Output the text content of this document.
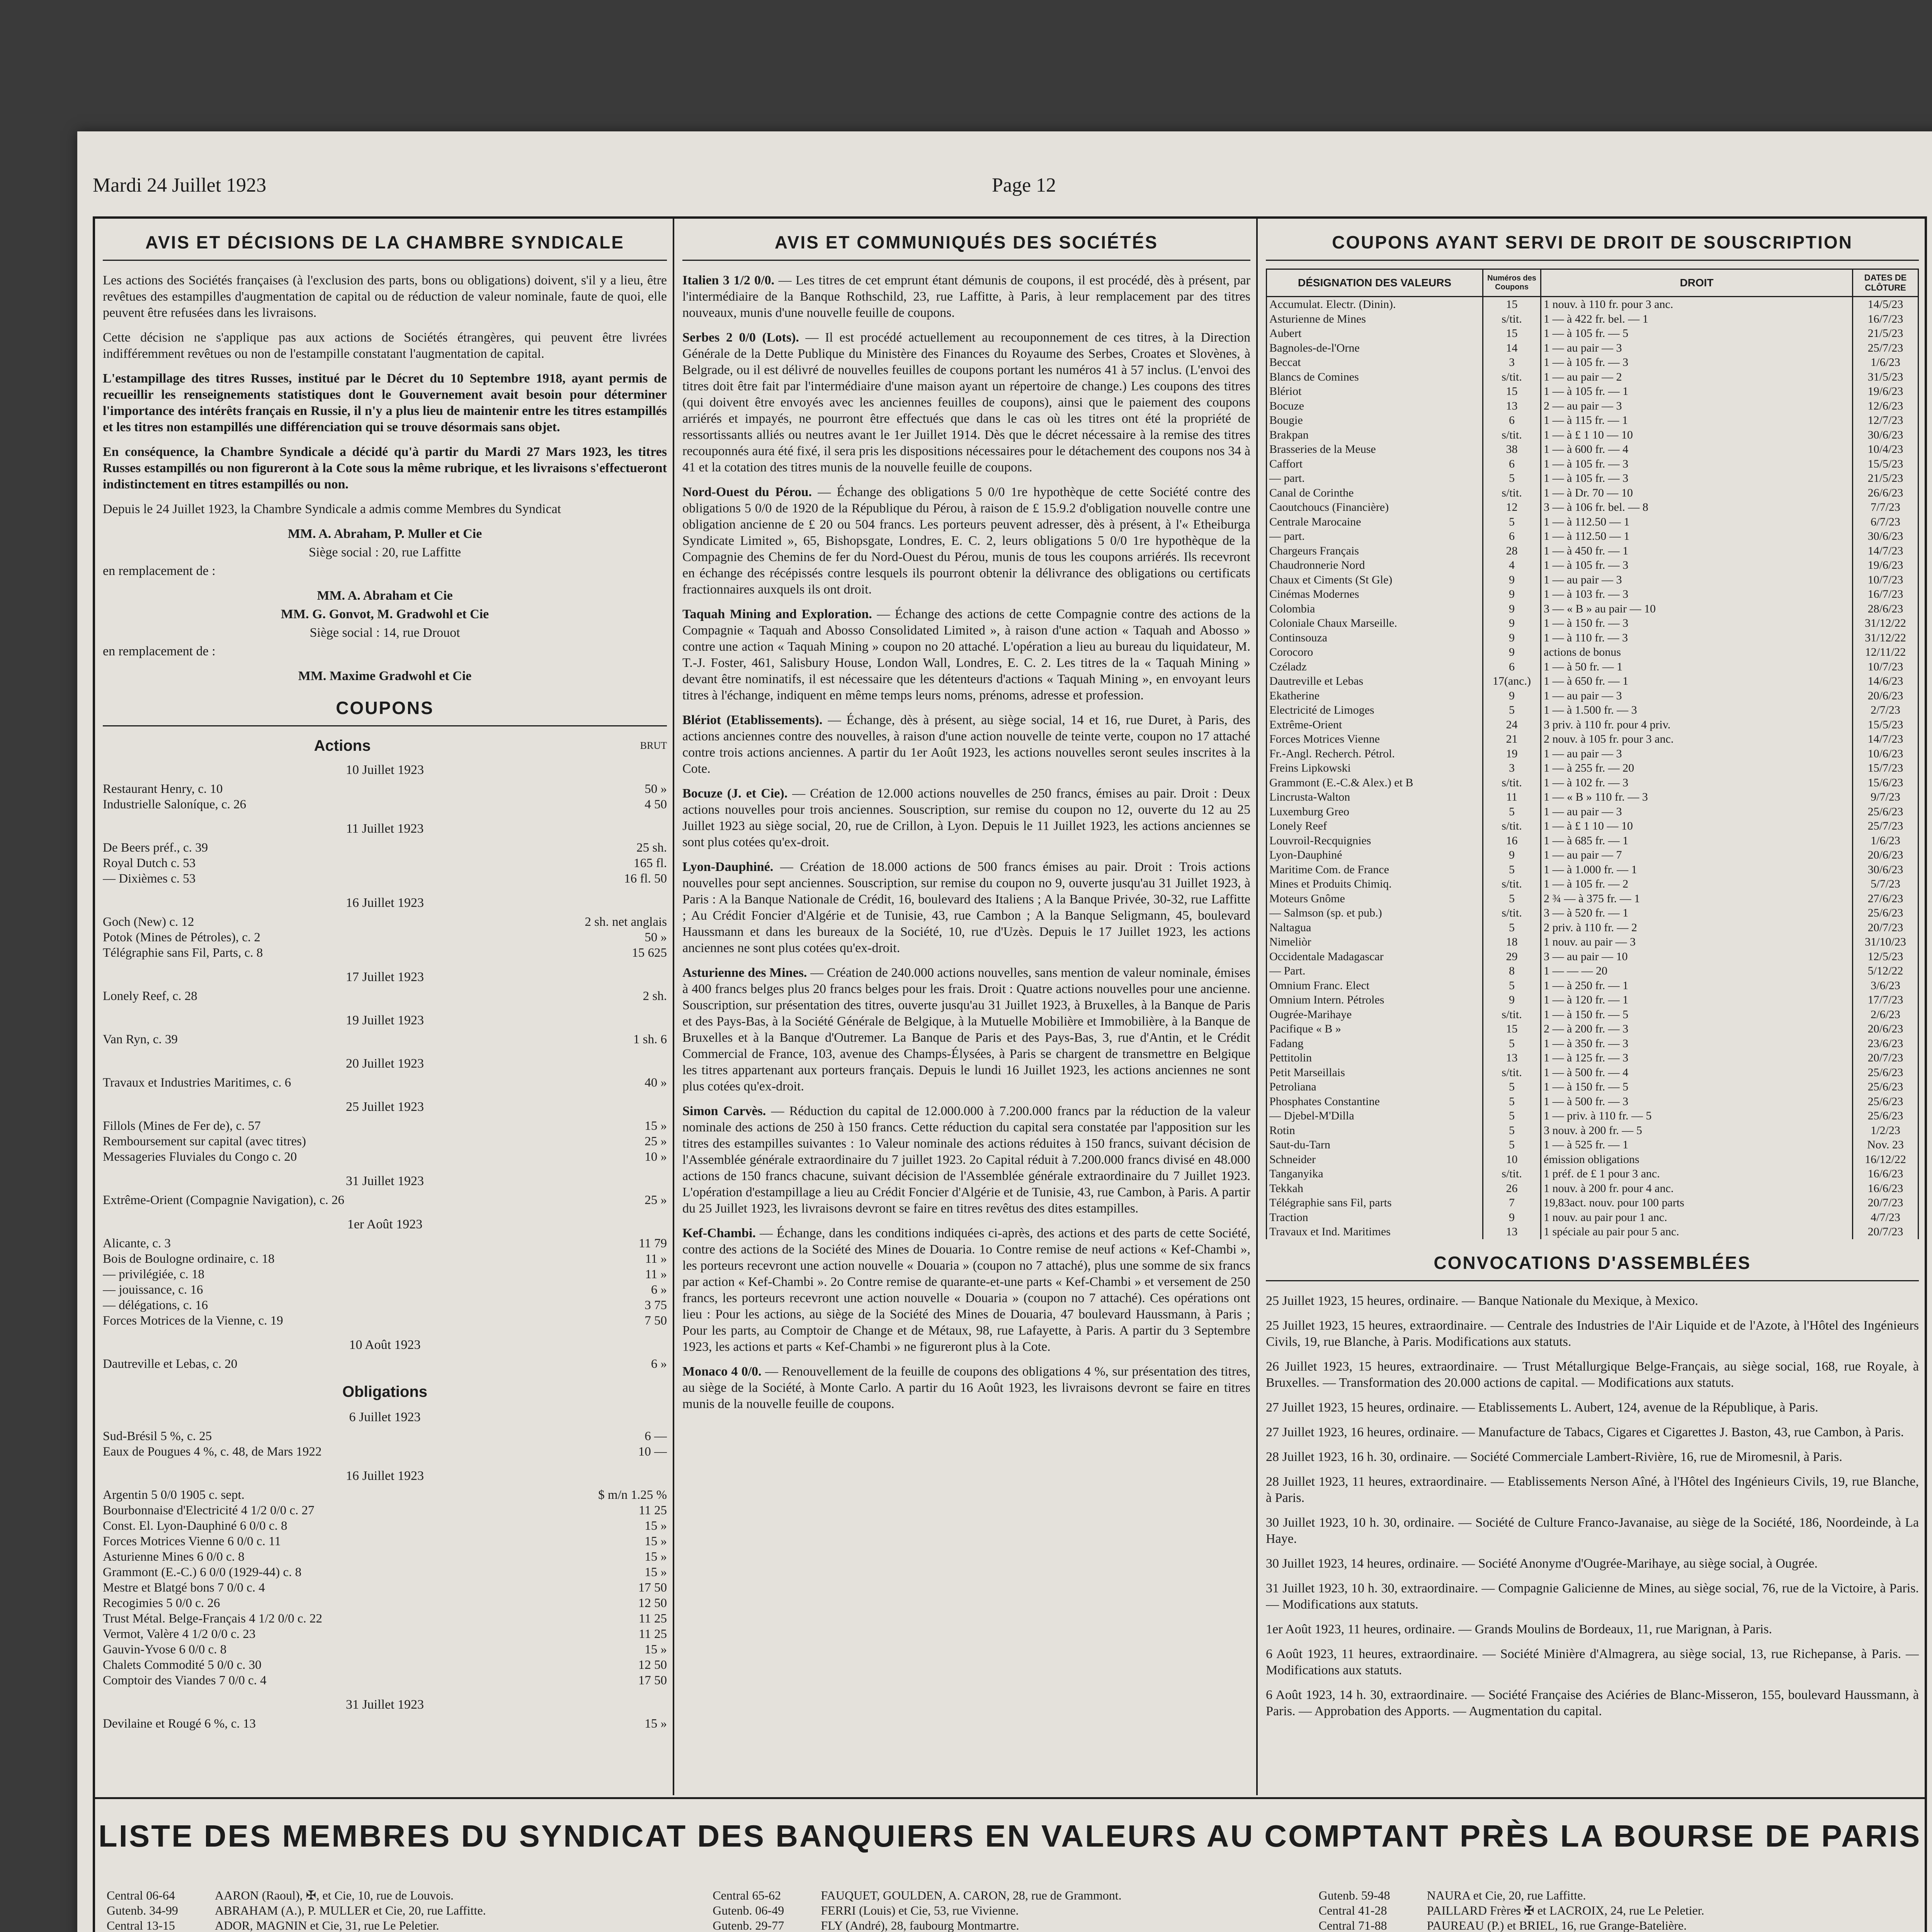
Mardi 24 Juillet 1923	Page 12
AVIS ET DÉCISIONS DE LA CHAMBRE SYNDICALE

Les actions des Sociétés françaises (à l'exclusion des parts, bons ou obligations) doivent, s'il y a lieu, être revêtues des estampilles d'augmentation de capital ou de réduction de valeur nominale, faute de quoi, elle peuvent être refusées dans les livraisons.

Cette décision ne s'applique pas aux actions de Sociétés étrangères, qui peuvent être livrées indifféremment revêtues ou non de l'estampille constatant l'augmentation de capital.

L'estampillage des titres Russes, institué par le Décret du 10 Septembre 1918, ayant permis de recueillir les renseignements statistiques dont le Gouvernement avait besoin pour déterminer l'importance des intérêts français en Russie, il n'y a plus lieu de maintenir entre les titres estampillés et les titres non estampillés une différenciation qui se trouve désormais sans objet.

En conséquence, la Chambre Syndicale a décidé qu'à partir du Mardi 27 Mars 1923, les titres Russes estampillés ou non figureront à la Cote sous la même rubrique, et les livraisons s'effectueront indistinctement en titres estampillés ou non.

Depuis le 24 Juillet 1923, la Chambre Syndicale a admis comme Membres du Syndicat

MM. A. Abraham, P. Muller et Cie
Siège social : 20, rue Laffitte
en remplacement de :
MM. A. Abraham et Cie
MM. G. Gonvot, M. Gradwohl et Cie
Siège social : 14, rue Drouot
en remplacement de :
MM. Maxime Gradwohl et Cie
COUPONS
Actions	BRUT
10 Juillet 1923
Restaurant Henry, c. 10	50 »
Industrielle Saloníque, c. 26	4 50
11 Juillet 1923
De Beers préf., c. 39	25 sh.
Royal Dutch c. 53	165 fl.
— Dixièmes c. 53	16 fl. 50
16 Juillet 1923
Goch (New) c. 12	2 sh. net anglais
Potok (Mines de Pétroles), c. 2	50 »
Télégraphie sans Fil, Parts, c. 8	15 625
17 Juillet 1923
Lonely Reef, c. 28	2 sh.
19 Juillet 1923
Van Ryn, c. 39	1 sh. 6
20 Juillet 1923
Travaux et Industries Maritimes, c. 6	40 »
25 Juillet 1923
Fillols (Mines de Fer de), c. 57	15 »
Remboursement sur capital (avec titres)	25 »
Messageries Fluviales du Congo c. 20	10 »
31 Juillet 1923
Extrême-Orient (Compagnie Navigation), c. 26	25 »
1er Août 1923
Alicante, c. 3	11 79
Bois de Boulogne ordinaire, c. 18	11 »
— privilégiée, c. 18	11 »
— jouissance, c. 16	6 »
— délégations, c. 16	3 75
Forces Motrices de la Vienne, c. 19	7 50
10 Août 1923
Dautreville et Lebas, c. 20	6 »
Obligations
6 Juillet 1923
Sud-Brésil 5 %, c. 25	6 —
Eaux de Pougues 4 %, c. 48, de Mars 1922	10 —
16 Juillet 1923
Argentin 5 0/0 1905 c. sept.	$ m/n 1.25 %
Bourbonnaise d'Electricité 4 1/2 0/0 c. 27	11 25
Const. El. Lyon-Dauphiné 6 0/0 c. 8	15 »
Forces Motrices Vienne 6 0/0 c. 11	15 »
Asturienne Mines 6 0/0 c. 8	15 »
Grammont (E.-C.) 6 0/0 (1929-44) c. 8	15 »
Mestre et Blatgé bons 7 0/0 c. 4	17 50
Recogimies 5 0/0 c. 26	12 50
Trust Métal. Belge-Français 4 1/2 0/0 c. 22	11 25
Vermot, Valère 4 1/2 0/0 c. 23	11 25
Gauvin-Yvose 6 0/0 c. 8	15 »
Chalets Commodité 5 0/0 c. 30	12 50
Comptoir des Viandes 7 0/0 c. 4	17 50
31 Juillet 1923
Devilaine et Rougé 6 %, c. 13	15 »
AVIS ET COMMUNIQUÉS DES SOCIÉTÉS

Italien 3 1/2 0/0. — Les titres de cet emprunt étant démunis de coupons, il est procédé, dès à présent, par l'intermédiaire de la Banque Rothschild, 23, rue Laffitte, à Paris, à leur remplacement par des titres nouveaux, munis d'une nouvelle feuille de coupons.

Serbes 2 0/0 (Lots). — Il est procédé actuellement au recouponnement de ces titres, à la Direction Générale de la Dette Publique du Ministère des Finances du Royaume des Serbes, Croates et Slovènes, à Belgrade, ou il est délivré de nouvelles feuilles de coupons portant les numéros 41 à 57 inclus. (L'envoi des titres doit être fait par l'intermédiaire d'une maison ayant un répertoire de change.) Les coupons des titres (qui doivent être envoyés avec les anciennes feuilles de coupons), ainsi que le paiement des coupons arriérés et impayés, ne pourront être effectués que dans le cas où les titres ont été la propriété de ressortissants alliés ou neutres avant le 1er Juillet 1914. Dès que le décret nécessaire à la remise des titres recouponnés aura été fixé, il sera pris les dispositions nécessaires pour le détachement des coupons nos 34 à 41 et la cotation des titres munis de la nouvelle feuille de coupons.

Nord-Ouest du Pérou. — Échange des obligations 5 0/0 1re hypothèque de cette Société contre des obligations 5 0/0 de 1920 de la République du Pérou, à raison de £ 15.9.2 d'obligation nouvelle contre une obligation ancienne de £ 20 ou 504 francs. Les porteurs peuvent adresser, dès à présent, à l'« Etheiburga Syndicate Limited », 65, Bishopsgate, Londres, E. C. 2, leurs obligations 5 0/0 1re hypothèque de la Compagnie des Chemins de fer du Nord-Ouest du Pérou, munis de tous les coupons arriérés. Ils recevront en échange des récépissés contre lesquels ils pourront obtenir la délivrance des obligations ou certificats fractionnaires auxquels ils ont droit.

Taquah Mining and Exploration. — Échange des actions de cette Compagnie contre des actions de la Compagnie « Taquah and Abosso Consolidated Limited », à raison d'une action « Taquah and Abosso » contre une action « Taquah Mining » coupon no 20 attaché. L'opération a lieu au bureau du liquidateur, M. T.-J. Foster, 461, Salisbury House, London Wall, Londres, E. C. 2. Les titres de la « Taquah Mining » devant être nominatifs, il est nécessaire que les détenteurs d'actions « Taquah Mining », en envoyant leurs titres à l'échange, indiquent en même temps leurs noms, prénoms, adresse et profession.

Blériot (Etablissements). — Échange, dès à présent, au siège social, 14 et 16, rue Duret, à Paris, des actions anciennes contre des nouvelles, à raison d'une action nouvelle de teinte verte, coupon no 17 attaché contre trois actions anciennes. A partir du 1er Août 1923, les actions nouvelles seront seules inscrites à la Cote.

Bocuze (J. et Cie). — Création de 12.000 actions nouvelles de 250 francs, émises au pair. Droit : Deux actions nouvelles pour trois anciennes. Souscription, sur remise du coupon no 12, ouverte du 12 au 25 Juillet 1923 au siège social, 20, rue de Crillon, à Lyon. Depuis le 11 Juillet 1923, les actions anciennes se sont plus cotées qu'ex-droit.

Lyon-Dauphiné. — Création de 18.000 actions de 500 francs émises au pair. Droit : Trois actions nouvelles pour sept anciennes. Souscription, sur remise du coupon no 9, ouverte jusqu'au 31 Juillet 1923, à Paris : A la Banque Nationale de Crédit, 16, boulevard des Italiens ; A la Banque Privée, 30-32, rue Laffitte ; Au Crédit Foncier d'Algérie et de Tunisie, 43, rue Cambon ; A la Banque Seligmann, 45, boulevard Haussmann et dans les bureaux de la Société, 10, rue d'Uzès. Depuis le 17 Juillet 1923, les actions anciennes ne sont plus cotées qu'ex-droit.

Asturienne des Mines. — Création de 240.000 actions nouvelles, sans mention de valeur nominale, émises à 400 francs belges plus 20 francs belges pour les frais. Droit : Quatre actions nouvelles pour une ancienne. Souscription, sur présentation des titres, ouverte jusqu'au 31 Juillet 1923, à Bruxelles, à la Banque de Paris et des Pays-Bas, à la Société Générale de Belgique, à la Mutuelle Mobilière et Immobilière, à la Banque de Bruxelles et à la Banque d'Outremer. La Banque de Paris et des Pays-Bas, 3, rue d'Antin, et le Crédit Commercial de France, 103, avenue des Champs-Élysées, à Paris se chargent de transmettre en Belgique les titres appartenant aux porteurs français. Depuis le lundi 16 Juillet 1923, les actions anciennes ne sont plus cotées qu'ex-droit.

Simon Carvès. — Réduction du capital de 12.000.000 à 7.200.000 francs par la réduction de la valeur nominale des actions de 250 à 150 francs. Cette réduction du capital sera constatée par l'apposition sur les titres des estampilles suivantes : 1o Valeur nominale des actions réduites à 150 francs, suivant décision de l'Assemblée générale extraordinaire du 7 juillet 1923. 2o Capital réduit à 7.200.000 francs divisé en 48.000 actions de 150 francs chacune, suivant décision de l'Assemblée générale extraordinaire du 7 Juillet 1923. L'opération d'estampillage a lieu au Crédit Foncier d'Algérie et de Tunisie, 43, rue Cambon, à Paris. A partir du 25 Juillet 1923, les livraisons devront se faire en titres revêtus des dites estampilles.

Kef-Chambi. — Échange, dans les conditions indiquées ci-après, des actions et des parts de cette Société, contre des actions de la Société des Mines de Douaria. 1o Contre remise de neuf actions « Kef-Chambi », les porteurs recevront une action nouvelle « Douaria » (coupon no 7 attaché), plus une somme de six francs par action « Kef-Chambi ». 2o Contre remise de quarante-et-une parts « Kef-Chambi » et versement de 250 francs, les porteurs recevront une action nouvelle « Douaria » (coupon no 7 attaché). Ces opérations ont lieu : Pour les actions, au siège de la Société des Mines de Douaria, 47 boulevard Haussmann, à Paris ; Pour les parts, au Comptoir de Change et de Métaux, 98, rue Lafayette, à Paris. A partir du 3 Septembre 1923, les actions et parts « Kef-Chambi » ne figureront plus à la Cote.

Monaco 4 0/0. — Renouvellement de la feuille de coupons des obligations 4 %, sur présentation des titres, au siège de la Société, à Monte Carlo. A partir du 16 Août 1923, les livraisons devront se faire en titres munis de la nouvelle feuille de coupons.

COUPONS AYANT SERVI DE DROIT DE SOUSCRIPTION
DÉSIGNATION DES VALEURS	Numéros des Coupons	DROIT	DATES DE CLÔTURE
Accumulat. Electr. (Dinin).	15	1 nouv. à 110 fr. pour 3 anc.	14/5/23
Asturienne de Mines	s/tit.	1 — à 422 fr. bel. — 1	16/7/23
Aubert	15	1 — à 105 fr. — 5	21/5/23
Bagnoles-de-l'Orne	14	1 — au pair — 3	25/7/23
Beccat	3	1 — à 105 fr. — 3	1/6/23
Blancs de Comines	s/tit.	1 — au pair — 2	31/5/23
Blériot	15	1 — à 105 fr. — 1	19/6/23
Bocuze	13	2 — au pair — 3	12/6/23
Bougie	6	1 — à 115 fr. — 1	12/7/23
Brakpan	s/tit.	1 — à £ 1 10 — 10	30/6/23
Brasseries de la Meuse	38	1 — à 600 fr. — 4	10/4/23
Caffort	6	1 — à 105 fr. — 3	15/5/23
— part.	5	1 — à 105 fr. — 3	21/5/23
Canal de Corinthe	s/tit.	1 — à Dr. 70 — 10	26/6/23
Caoutchoucs (Financière)	12	3 — à 106 fr. bel. — 8	7/7/23
Centrale Marocaine	5	1 — à 112.50 — 1	6/7/23
— part.	6	1 — à 112.50 — 1	30/6/23
Chargeurs Français	28	1 — à 450 fr. — 1	14/7/23
Chaudronnerie Nord	4	1 — à 105 fr. — 3	19/6/23
Chaux et Ciments (St Gle)	9	1 — au pair — 3	10/7/23
Cinémas Modernes	9	1 — à 103 fr. — 3	16/7/23
Colombia	9	3 — « B » au pair — 10	28/6/23
Coloniale Chaux Marseille.	9	1 — à 150 fr. — 3	31/12/22
Continsouza	9	1 — à 110 fr. — 3	31/12/22
Corocoro	9	actions de bonus	12/11/22
Czéladz	6	1 — à 50 fr. — 1	10/7/23
Dautreville et Lebas	17(anc.)	1 — à 650 fr. — 1	14/6/23
Ekatherine	9	1 — au pair — 3	20/6/23
Electricité de Limoges	5	1 — à 1.500 fr. — 3	2/7/23
Extrême-Orient	24	3 priv. à 110 fr. pour 4 priv.	15/5/23
Forces Motrices Vienne	21	2 nouv. à 105 fr. pour 3 anc.	14/7/23
Fr.-Angl. Recherch. Pétrol.	19	1 — au pair — 3	10/6/23
Freins Lipkowski	3	1 — à 255 fr. — 20	15/7/23
Grammont (E.-C.& Alex.) et B	s/tit.	1 — à 102 fr. — 3	15/6/23
Lincrusta-Walton	11	1 — « B » 110 fr. — 3	9/7/23
Luxemburg Greo	5	1 — au pair — 3	25/6/23
Lonely Reef	s/tit.	1 — à £ 1 10 — 10	25/7/23
Louvroil-Recquignies	16	1 — à 685 fr. — 1	1/6/23
Lyon-Dauphiné	9	1 — au pair — 7	20/6/23
Maritime Com. de France	5	1 — à 1.000 fr. — 1	30/6/23
Mines et Produits Chimiq.	s/tit.	1 — à 105 fr. — 2	5/7/23
Moteurs Gnôme	5	2 ¾ — à 375 fr. — 1	27/6/23
— Salmson (sp. et pub.)	s/tit.	3 — à 520 fr. — 1	25/6/23
Naltagua	5	2 priv. à 110 fr. — 2	20/7/23
Nimeliòr	18	1 nouv. au pair — 3	31/10/23
Occidentale Madagascar	29	3 — au pair — 10	12/5/23
— Part.	8	1 — — — 20	5/12/22
Omnium Franc. Elect	5	1 — à 250 fr. — 1	3/6/23
Omnium Intern. Pétroles	9	1 — à 120 fr. — 1	17/7/23
Ougrée-Marihaye	s/tit.	1 — à 150 fr. — 5	2/6/23
Pacifique « B »	15	2 — à 200 fr. — 3	20/6/23
Fadang	5	1 — à 350 fr. — 3	23/6/23
Pettitolin	13	1 — à 125 fr. — 3	20/7/23
Petit Marseillais	s/tit.	1 — à 500 fr. — 4	25/6/23
Petroliana	5	1 — à 150 fr. — 5	25/6/23
Phosphates Constantine	5	1 — à 500 fr. — 3	25/6/23
— Djebel-M'Dilla	5	1 — priv. à 110 fr. — 5	25/6/23
Rotin	5	3 nouv. à 200 fr. — 5	1/2/23
Saut-du-Tarn	5	1 — à 525 fr. — 1	Nov. 23
Schneider	10	émission obligations	16/12/22
Tanganyika	s/tit.	1 préf. de £ 1 pour 3 anc.	16/6/23
Tekkah	26	1 nouv. à 200 fr. pour 4 anc.	16/6/23
Télégraphie sans Fil, parts	7	19,83act. nouv. pour 100 parts	20/7/23
Traction	9	1 nouv. au pair pour 1 anc.	4/7/23
Travaux et Ind. Maritimes	13	1 spéciale au pair pour 5 anc.	20/7/23
CONVOCATIONS D'ASSEMBLÉES

25 Juillet 1923, 15 heures, ordinaire. — Banque Nationale du Mexique, à Mexico.

25 Juillet 1923, 15 heures, extraordinaire. — Centrale des Industries de l'Air Liquide et de l'Azote, à l'Hôtel des Ingénieurs Civils, 19, rue Blanche, à Paris. Modifications aux statuts.

26 Juillet 1923, 15 heures, extraordinaire. — Trust Métallurgique Belge-Français, au siège social, 168, rue Royale, à Bruxelles. — Transformation des 20.000 actions de capital. — Modifications aux statuts.

27 Juillet 1923, 15 heures, ordinaire. — Etablissements L. Aubert, 124, avenue de la République, à Paris.

27 Juillet 1923, 16 heures, ordinaire. — Manufacture de Tabacs, Cigares et Cigarettes J. Baston, 43, rue Cambon, à Paris.

28 Juillet 1923, 16 h. 30, ordinaire. — Société Commerciale Lambert-Rivière, 16, rue de Miromesnil, à Paris.

28 Juillet 1923, 11 heures, extraordinaire. — Etablissements Nerson Aîné, à l'Hôtel des Ingénieurs Civils, 19, rue Blanche, à Paris.

30 Juillet 1923, 10 h. 30, ordinaire. — Société de Culture Franco-Javanaise, au siège de la Société, 186, Noordeinde, à La Haye.

30 Juillet 1923, 14 heures, ordinaire. — Société Anonyme d'Ougrée-Marihaye, au siège social, à Ougrée.

31 Juillet 1923, 10 h. 30, extraordinaire. — Compagnie Galicienne de Mines, au siège social, 76, rue de la Victoire, à Paris. — Modifications aux statuts.

1er Août 1923, 11 heures, ordinaire. — Grands Moulins de Bordeaux, 11, rue Marignan, à Paris.

6 Août 1923, 11 heures, extraordinaire. — Société Minière d'Almagrera, au siège social, 13, rue Richepanse, à Paris. — Modifications aux statuts.

6 Août 1923, 14 h. 30, extraordinaire. — Société Française des Aciéries de Blanc-Misseron, 155, boulevard Haussmann, à Paris. — Approbation des Apports. — Augmentation du capital.

LISTE DES MEMBRES DU SYNDICAT DES BANQUIERS EN VALEURS AU COMPTANT PRÈS LA BOURSE DE PARIS
Central 06-64	AARON (Raoul), ✠, et Cie, 10, rue de Louvois.
Gutenb. 34-99	ABRAHAM (A.), P. MULLER et Cie, 20, rue Laffitte.
Central 13-15	ADOR, MAGNIN et Cie, 31, rue Le Peletier.
Central 65-62	FAUQUET, GOULDEN, A. CARON, 28, rue de Grammont.
Gutenb. 06-49	FERRI (Louis) et Cie, 53, rue Vivienne.
Gutenb. 29-77	FLY (André), 28, faubourg Montmartre.
Gutenb. 59-48	NAURA et Cie, 20, rue Laffitte.
Central 41-28	PAILLARD Frères ✠ et LACROIX, 24, rue Le Peletier.
Central 71-88	PAUREAU (P.) et BRIEL, 16, rue Grange-Batelière.
